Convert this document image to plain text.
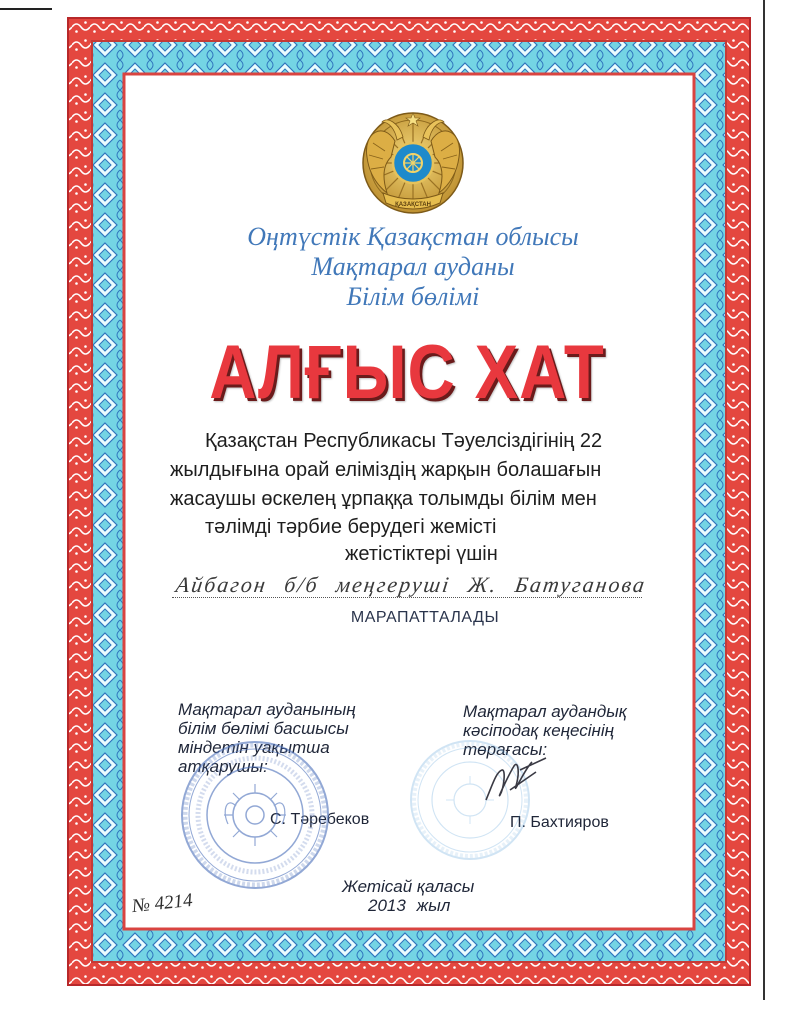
ҚАЗАҚСТАН
Оңтүстік Қазақстан облысы
Мақтарал ауданы
Білім бөлімі
АЛҒЫС ХАТ
Қазақстан Республикасы Тәуелсіздігінің 22
жылдығына орай еліміздің жарқын болашағын
жасаушы өскелең ұрпаққа толымды білім мен
тәлімді тәрбие берудегі жемісті
жетістіктері үшін
Айбагон б/б меңгеруші Ж. Батуганова
МАРАПАТТАЛАДЫ
Мақтарал ауданының
білім бөлімі басшысы
міндетін уақытша
атқарушы:
Мақтарал аудандық
кәсіподақ кеңесінің
төрағасы:
С. Тәребеков	П. Бахтияров
Жетісай қаласы
2013 жыл
№ 4214
